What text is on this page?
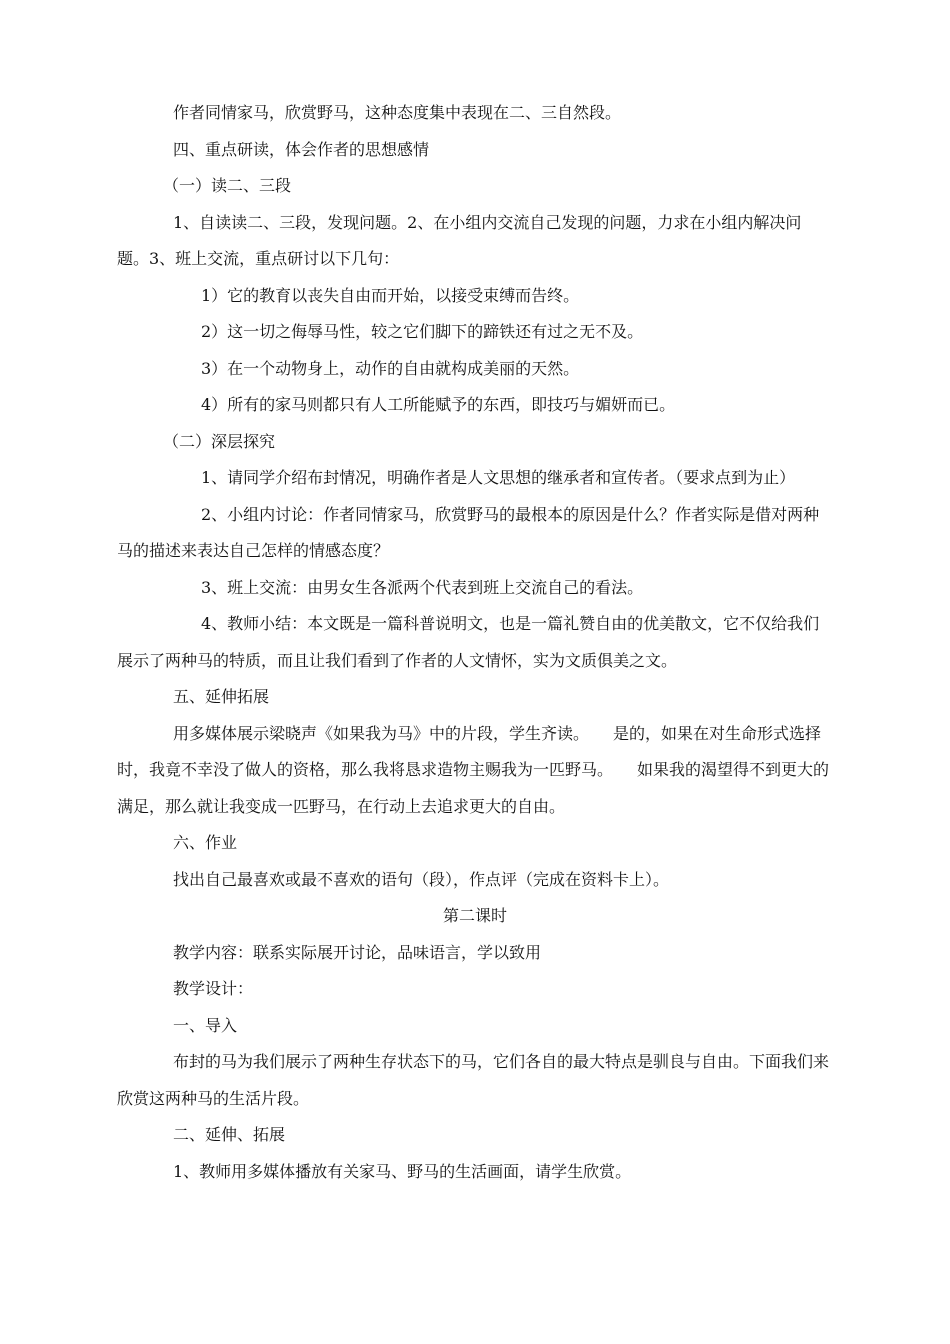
作者同情家马，欣赏野马，这种态度集中表现在二、三自然段。

四、重点研读，体会作者的思想感情

（一）读二、三段

1、自读读二、三段，发现问题。2、在小组内交流自己发现的问题，力求在小组内解决问题。3、班上交流，重点研讨以下几句：

1）它的教育以丧失自由而开始，以接受束缚而告终。

2）这一切之侮辱马性，较之它们脚下的蹄铁还有过之无不及。

3）在一个动物身上，动作的自由就构成美丽的天然。

4）所有的家马则都只有人工所能赋予的东西，即技巧与媚妍而已。

（二）深层探究

1、请同学介绍布封情况，明确作者是人文思想的继承者和宣传者。（要求点到为止）

2、小组内讨论：作者同情家马，欣赏野马的最根本的原因是什么？作者实际是借对两种马的描述来表达自己怎样的情感态度？

3、班上交流：由男女生各派两个代表到班上交流自己的看法。

4、教师小结：本文既是一篇科普说明文，也是一篇礼赞自由的优美散文，它不仅给我们展示了两种马的特质，而且让我们看到了作者的人文情怀，实为文质俱美之文。

五、延伸拓展

用多媒体展示梁晓声《如果我为马》中的片段，学生齐读。　　是的，如果在对生命形式选择时，我竟不幸没了做人的资格，那么我将恳求造物主赐我为一匹野马。　　如果我的渴望得不到更大的满足，那么就让我变成一匹野马，在行动上去追求更大的自由。

六、作业

找出自己最喜欢或最不喜欢的语句（段），作点评（完成在资料卡上）。

第二课时

教学内容：联系实际展开讨论，品味语言，学以致用

教学设计：

一、导入

布封的马为我们展示了两种生存状态下的马，它们各自的最大特点是驯良与自由。下面我们来欣赏这两种马的生活片段。

二、延伸、拓展

1、教师用多媒体播放有关家马、野马的生活画面，请学生欣赏。
